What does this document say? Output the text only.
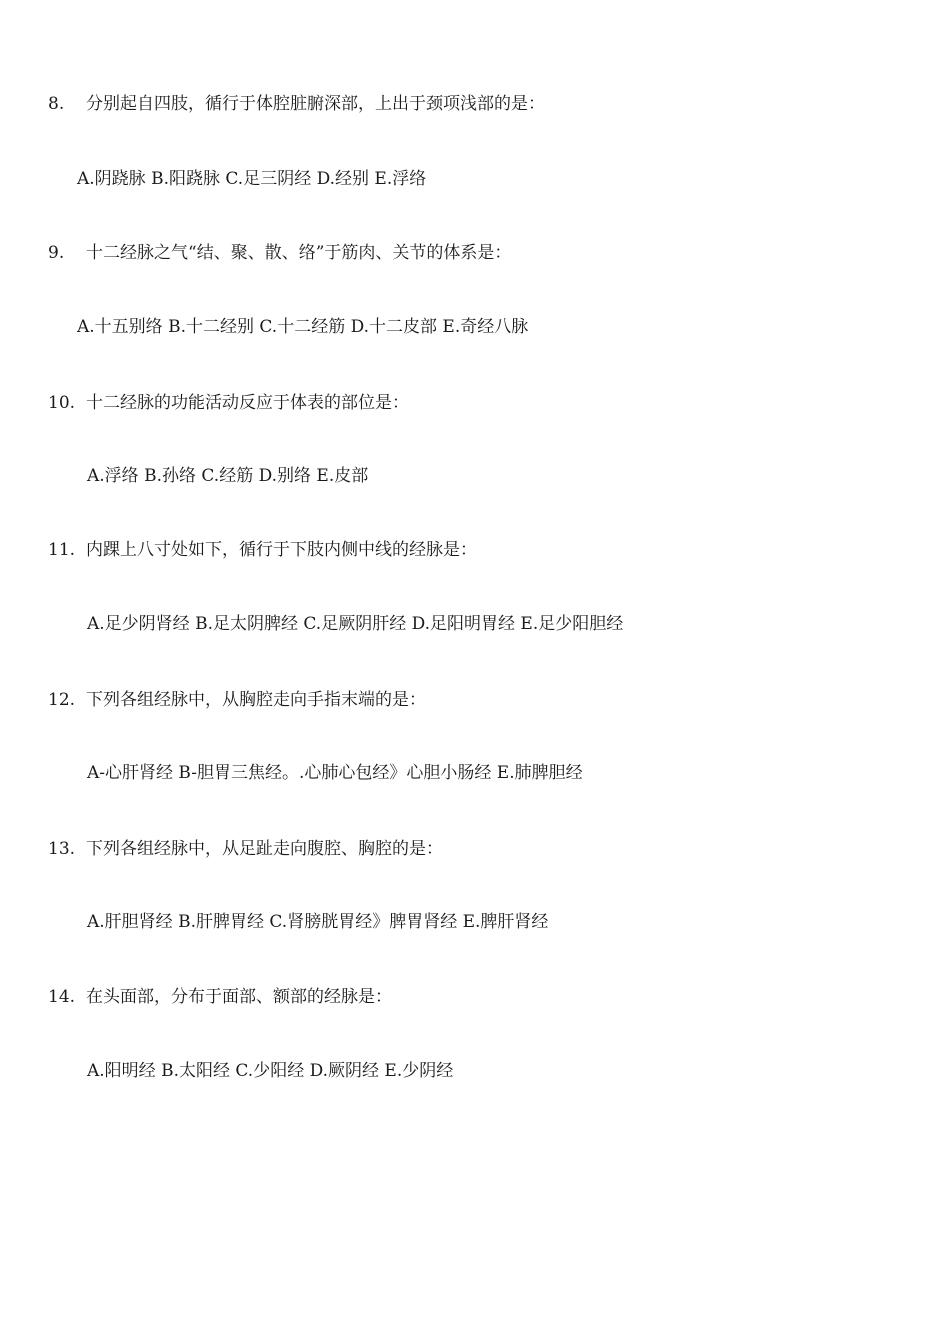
8. 分别起自四肢，循行于体腔脏腑深部，上出于颈项浅部的是：
A.阴跷脉 B.阳跷脉 C.足三阴经 D.经别 E.浮络
9. 十二经脉之气“结、聚、散、络”于筋肉、关节的体系是：
A.十五别络 B.十二经别 C.十二经筋 D.十二皮部 E.奇经八脉
10. 十二经脉的功能活动反应于体表的部位是：
A.浮络 B.孙络 C.经筋 D.别络 E.皮部
11. 内踝上八寸处如下，循行于下肢内侧中线的经脉是：
A.足少阴肾经 B.足太阴脾经 C.足厥阴肝经 D.足阳明胃经 E.足少阳胆经
12. 下列各组经脉中，从胸腔走向手指末端的是：
A-心肝肾经 B-胆胃三焦经。.心肺心包经》心胆小肠经 E.肺脾胆经
13. 下列各组经脉中，从足趾走向腹腔、胸腔的是：
A.肝胆肾经 B.肝脾胃经 C.肾膀胱胃经》脾胃肾经 E.脾肝肾经
14. 在头面部，分布于面部、额部的经脉是：
A.阳明经 B.太阳经 C.少阳经 D.厥阴经 E.少阴经
